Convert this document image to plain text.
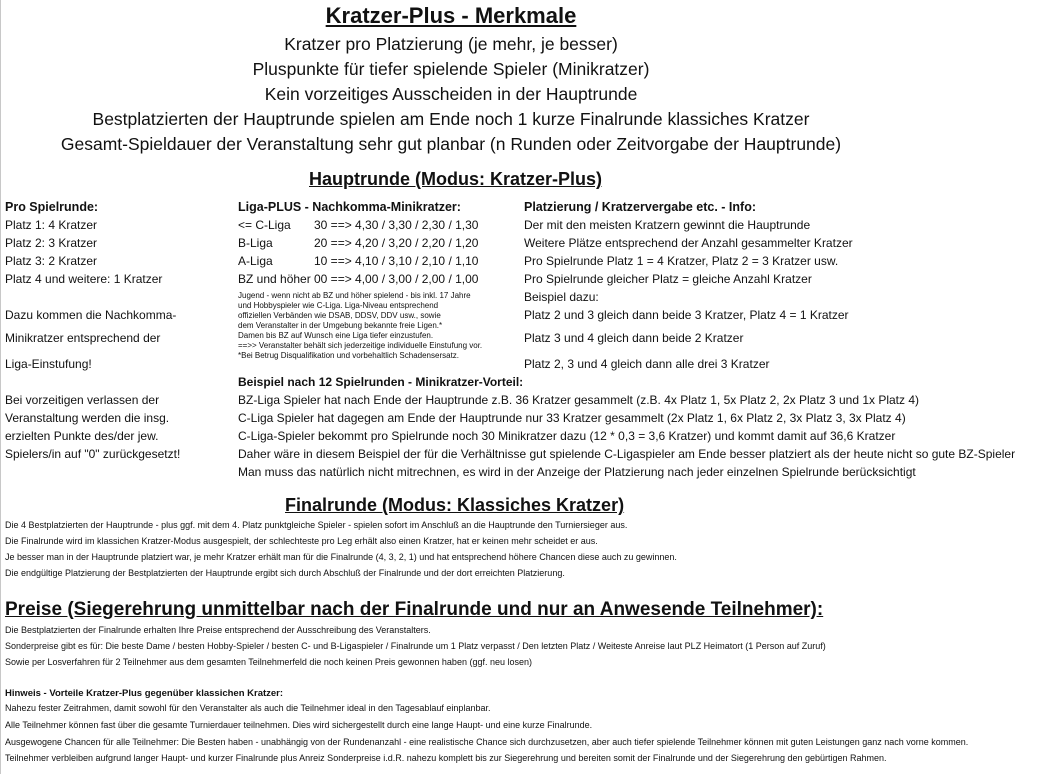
Kratzer-Plus - Merkmale
Kratzer pro Platzierung (je mehr, je besser)
Pluspunkte für tiefer spielende Spieler (Minikratzer)
Kein vorzeitiges Ausscheiden in der Hauptrunde
Bestplatzierten der Hauptrunde spielen am Ende noch 1 kurze Finalrunde klassiches Kratzer
Gesamt-Spieldauer der Veranstaltung sehr gut planbar (n Runden oder Zeitvorgabe der Hauptrunde)
Hauptrunde (Modus: Kratzer-Plus)
Pro Spielrunde:
Platz 1: 4 Kratzer
Platz 2: 3 Kratzer
Platz 3: 2 Kratzer
Platz 4 und weitere: 1 Kratzer
Dazu kommen die Nachkomma-
Minikratzer entsprechend der
Liga-Einstufung!
Bei vorzeitigen verlassen der
Veranstaltung werden die insg.
erzielten Punkte des/der jew.
Spielers/in auf "0" zurückgesetzt!
Liga-PLUS - Nachkomma-Minikratzer:
<= C-Liga 30 ==> 4,30 / 3,30 / 2,30 / 1,30
B-Liga	20 ==> 4,20 / 3,20 / 2,20 / 1,20
A-Liga	10 ==> 4,10 / 3,10 / 2,10 / 1,10
BZ und höher 00 ==> 4,00 / 3,00 / 2,00 / 1,00
Jugend - wenn nicht ab BZ und höher spielend - bis inkl. 17 Jahre
und Hobbyspieler wie C-Liga. Liga-Niveau entsprechend
offiziellen Verbänden wie DSAB, DDSV, DDV usw., sowie
dem Veranstalter in der Umgebung bekannte freie Ligen.*
Damen bis BZ auf Wunsch eine Liga tiefer einzustufen.
==>> Veranstalter behält sich jederzeitige individuelle Einstufung vor.
*Bei Betrug Disqualifikation und vorbehaltlich Schadensersatz.
Platzierung / Kratzervergabe etc. - Info:
Der mit den meisten Kratzern gewinnt die Hauptrunde
Weitere Plätze entsprechend der Anzahl gesammelter Kratzer
Pro Spielrunde Platz 1 = 4 Kratzer, Platz 2 = 3 Kratzer usw.
Pro Spielrunde gleicher Platz = gleiche Anzahl Kratzer
Beispiel dazu:
Platz 2 und 3 gleich dann beide 3 Kratzer, Platz 4 = 1 Kratzer
Platz 3 und 4 gleich dann beide 2 Kratzer
Platz 2, 3 und 4 gleich dann alle drei 3 Kratzer
Beispiel nach 12 Spielrunden - Minikratzer-Vorteil:
BZ-Liga Spieler hat nach Ende der Hauptrunde z.B. 36 Kratzer gesammelt (z.B. 4x Platz 1, 5x Platz 2, 2x Platz 3 und 1x Platz 4)
C-Liga Spieler hat dagegen am Ende der Hauptrunde nur 33 Kratzer gesammelt (2x Platz 1, 6x Platz 2, 3x Platz 3, 3x Platz 4)
C-Liga-Spieler bekommt pro Spielrunde noch 30 Minikratzer dazu (12 * 0,3 = 3,6 Kratzer) und kommt damit auf 36,6 Kratzer
Daher wäre in diesem Beispiel der für die Verhältnisse gut spielende C-Ligaspieler am Ende besser platziert als der heute nicht so gute BZ-Spieler
Man muss das natürlich nicht mitrechnen, es wird in der Anzeige der Platzierung nach jeder einzelnen Spielrunde berücksichtigt
Finalrunde (Modus: Klassiches Kratzer)
Die 4 Bestplatzierten der Hauptrunde - plus ggf. mit dem 4. Platz punktgleiche Spieler - spielen sofort im Anschluß an die Hauptrunde den Turniersieger aus.
Die Finalrunde wird im klassichen Kratzer-Modus ausgespielt, der schlechteste pro Leg erhält also einen Kratzer, hat er keinen mehr scheidet er aus.
Je besser man in der Hauptrunde platziert war, je mehr Kratzer erhält man für die Finalrunde (4, 3, 2, 1) und hat entsprechend höhere Chancen diese auch zu gewinnen.
Die endgültige Platzierung der Bestplatzierten der Hauptrunde ergibt sich durch Abschluß der Finalrunde und der dort erreichten Platzierung.
Preise (Siegerehrung unmittelbar nach der Finalrunde und nur an Anwesende Teilnehmer):
Die Bestplatzierten der Finalrunde erhalten Ihre Preise entsprechend der Ausschreibung des Veranstalters.
Sonderpreise gibt es für: Die beste Dame / besten Hobby-Spieler / besten C- und B-Ligaspieler / Finalrunde um 1 Platz verpasst / Den letzten Platz / Weiteste Anreise laut PLZ Heimatort (1 Person auf Zuruf)
Sowie per Losverfahren für 2 Teilnehmer aus dem gesamten Teilnehmerfeld die noch keinen Preis gewonnen haben (ggf. neu losen)
Hinweis - Vorteile Kratzer-Plus gegenüber klassichen Kratzer:
Nahezu fester Zeitrahmen, damit sowohl für den Veranstalter als auch die Teilnehmer ideal in den Tagesablauf einplanbar.
Alle Teilnehmer können fast über die gesamte Turnierdauer teilnehmen. Dies wird sichergestellt durch eine lange Haupt- und eine kurze Finalrunde.
Ausgewogene Chancen für alle Teilnehmer: Die Besten haben - unabhängig von der Rundenanzahl - eine realistische Chance sich durchzusetzen, aber auch tiefer spielende Teilnehmer können mit guten Leistungen ganz nach vorne kommen.
Teilnehmer verbleiben aufgrund langer Haupt- und kurzer Finalrunde plus Anreiz Sonderpreise i.d.R. nahezu komplett bis zur Siegerehrung und bereiten somit der Finalrunde und der Siegerehrung den gebürtigen Rahmen.
